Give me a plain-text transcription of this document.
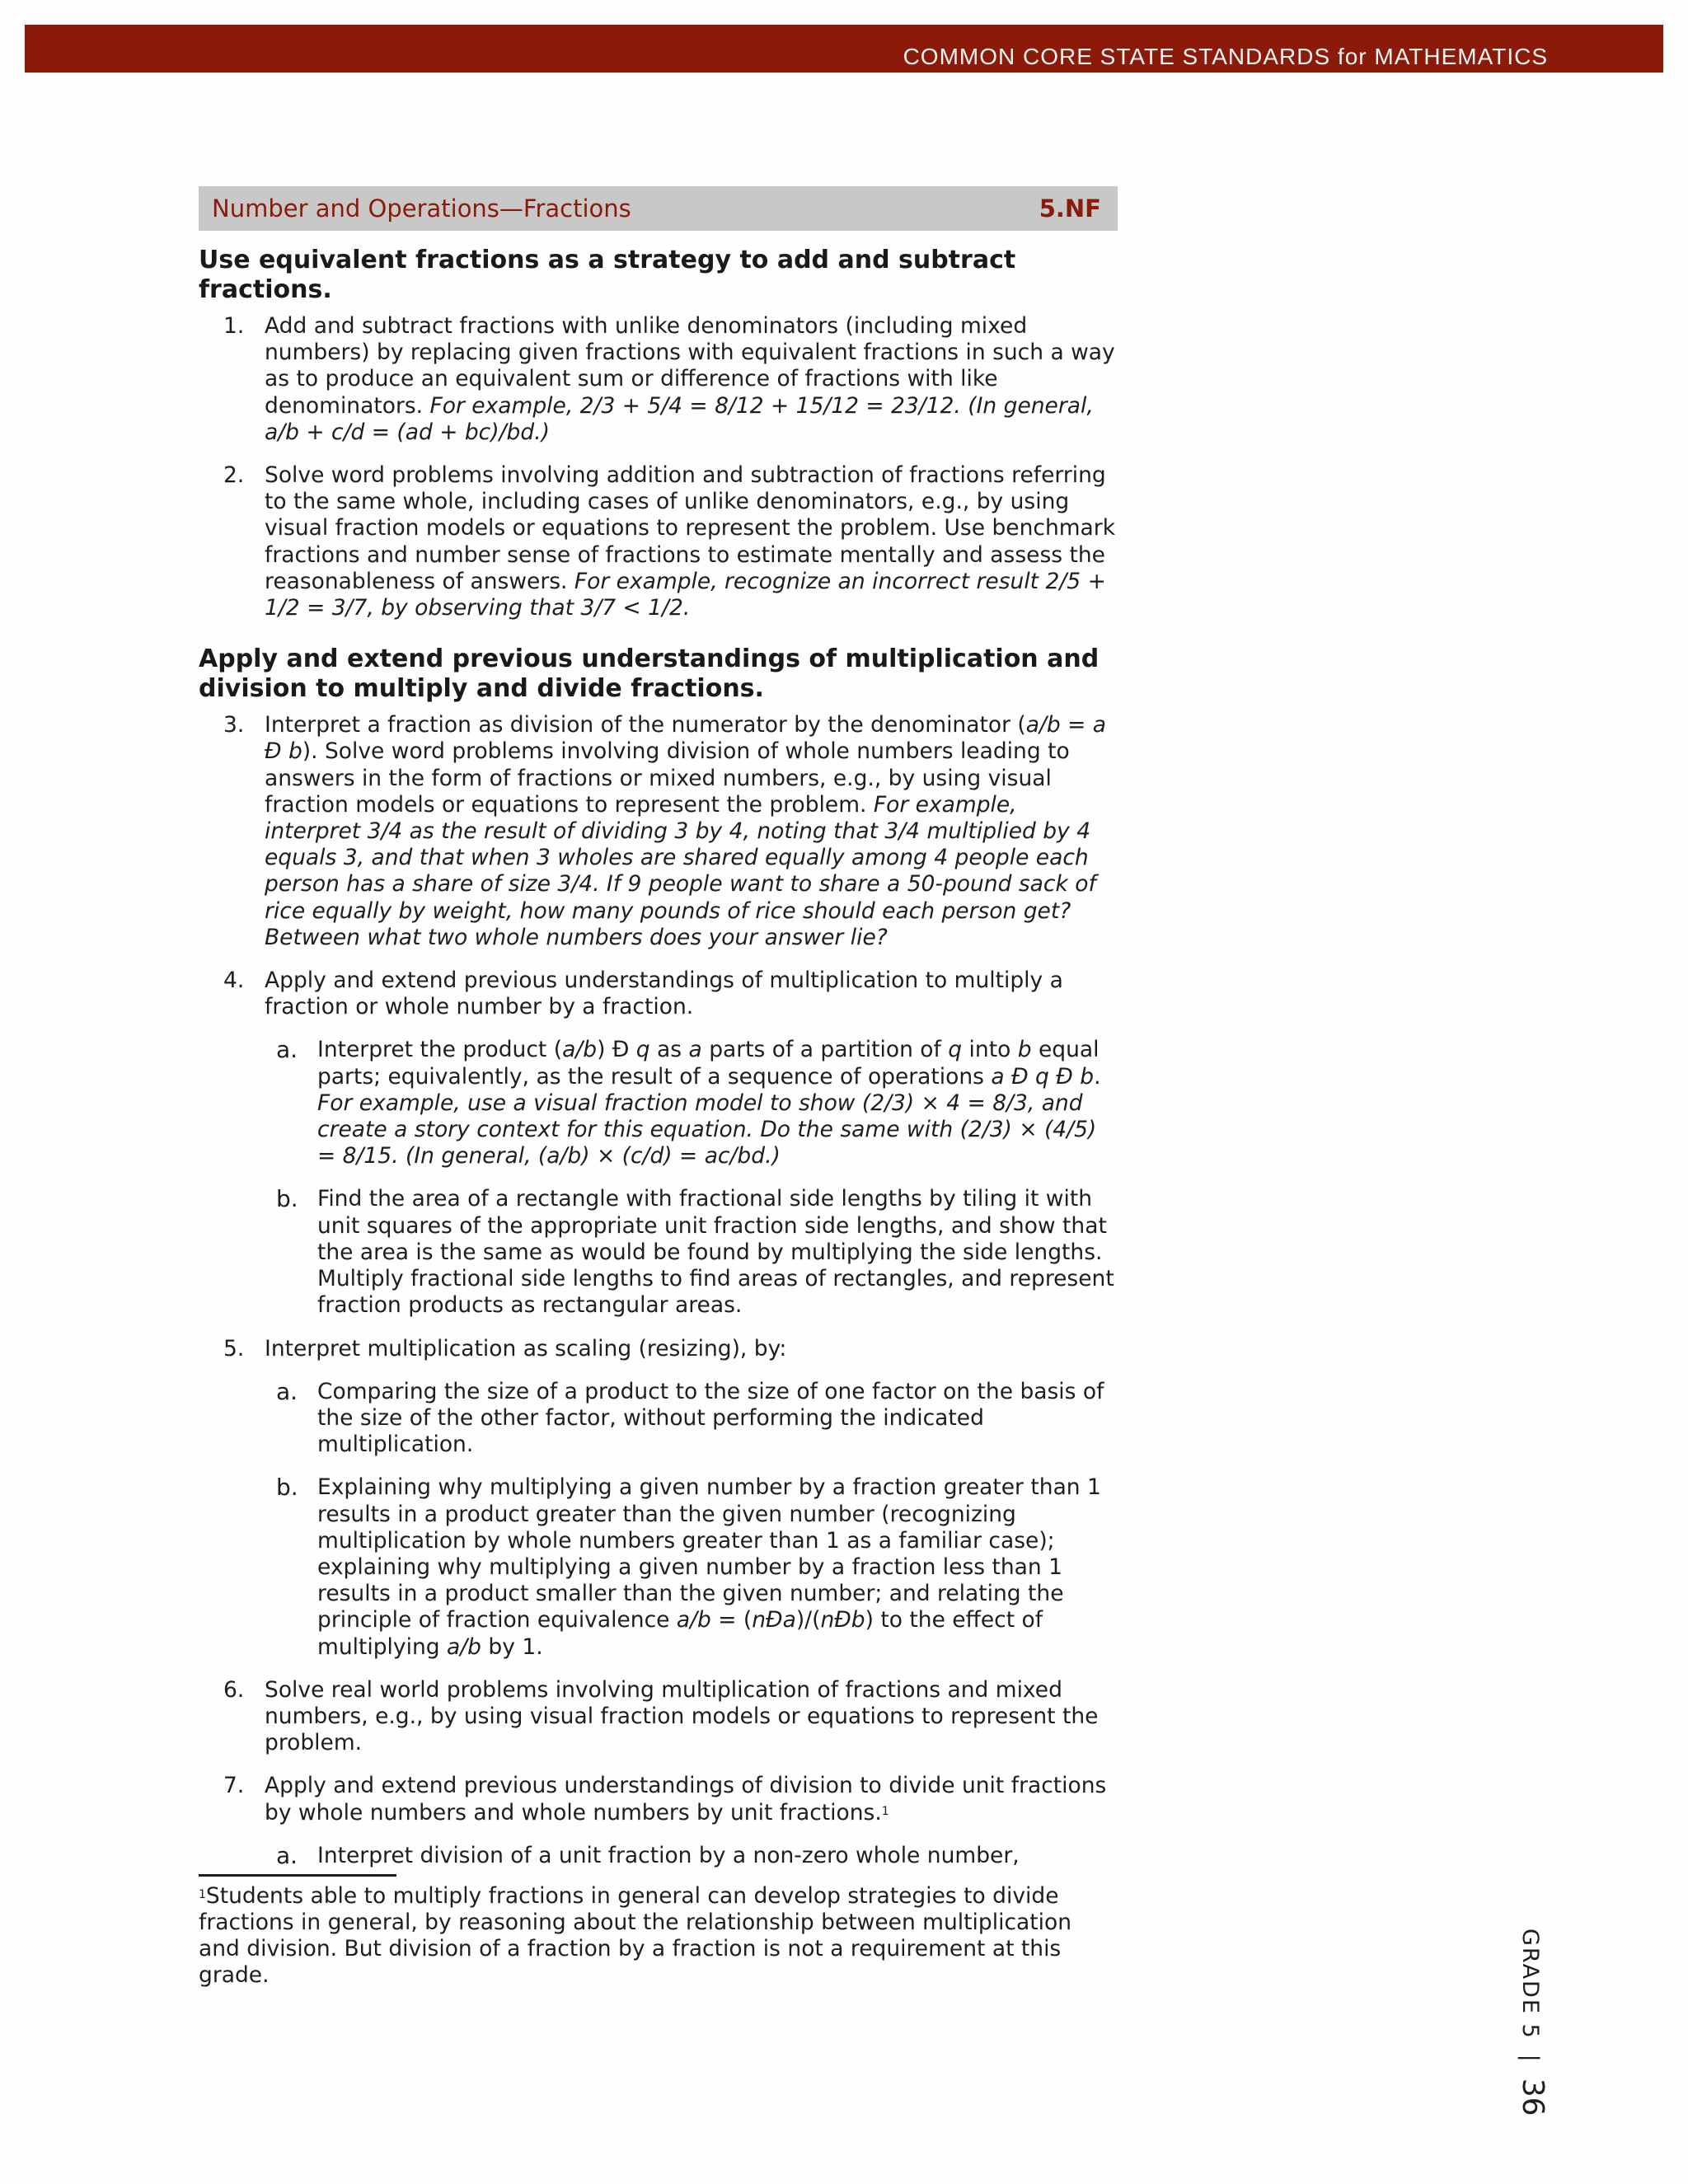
COMMON CORE STATE STANDARDS for MATHEMATICS
Number and Operations—Fractions	5.NF
Use equivalent fractions as a strategy to add and subtract fractions.
1. Add and subtract fractions with unlike denominators (including mixed numbers) by replacing given fractions with equivalent fractions in such a way as to produce an equivalent sum or difference of fractions with like denominators. For example, 2/3 + 5/4 = 8/12 + 15/12 = 23/12. (In general, a/b + c/d = (ad + bc)/bd.)
2. Solve word problems involving addition and subtraction of fractions referring to the same whole, including cases of unlike denominators, e.g., by using visual fraction models or equations to represent the problem. Use benchmark fractions and number sense of fractions to estimate mentally and assess the reasonableness of answers. For example, recognize an incorrect result 2/5 + 1/2 = 3/7, by observing that 3/7 < 1/2.
Apply and extend previous understandings of multiplication and division to multiply and divide fractions.
3. Interpret a fraction as division of the numerator by the denominator (a/b = a Ð b). Solve word problems involving division of whole numbers leading to answers in the form of fractions or mixed numbers, e.g., by using visual fraction models or equations to represent the problem. For example, interpret 3/4 as the result of dividing 3 by 4, noting that 3/4 multiplied by 4 equals 3, and that when 3 wholes are shared equally among 4 people each person has a share of size 3/4. If 9 people want to share a 50-pound sack of rice equally by weight, how many pounds of rice should each person get? Between what two whole numbers does your answer lie?
4. Apply and extend previous understandings of multiplication to multiply a fraction or whole number by a fraction.
a. Interpret the product (a/b) Ð q as a parts of a partition of q into b equal parts; equivalently, as the result of a sequence of operations a Ð q Ð b. For example, use a visual fraction model to show (2/3) × 4 = 8/3, and create a story context for this equation. Do the same with (2/3) × (4/5) = 8/15. (In general, (a/b) × (c/d) = ac/bd.)
b. Find the area of a rectangle with fractional side lengths by tiling it with unit squares of the appropriate unit fraction side lengths, and show that the area is the same as would be found by multiplying the side lengths. Multiply fractional side lengths to find areas of rectangles, and represent fraction products as rectangular areas.
5. Interpret multiplication as scaling (resizing), by:
a. Comparing the size of a product to the size of one factor on the basis of the size of the other factor, without performing the indicated multiplication.
b. Explaining why multiplying a given number by a fraction greater than 1 results in a product greater than the given number (recognizing multiplication by whole numbers greater than 1 as a familiar case); explaining why multiplying a given number by a fraction less than 1 results in a product smaller than the given number; and relating the principle of fraction equivalence a/b = (nÐa)/(nÐb) to the effect of multiplying a/b by 1.
6. Solve real world problems involving multiplication of fractions and mixed numbers, e.g., by using visual fraction models or equations to represent the problem.
7. Apply and extend previous understandings of division to divide unit fractions by whole numbers and whole numbers by unit fractions.$^1$
a. Interpret division of a unit fraction by a non-zero whole number,
$^1$Students able to multiply fractions in general can develop strategies to divide fractions in general, by reasoning about the relationship between multiplication and division. But division of a fraction by a fraction is not a requirement at this grade.	GRADE 5
|
36
